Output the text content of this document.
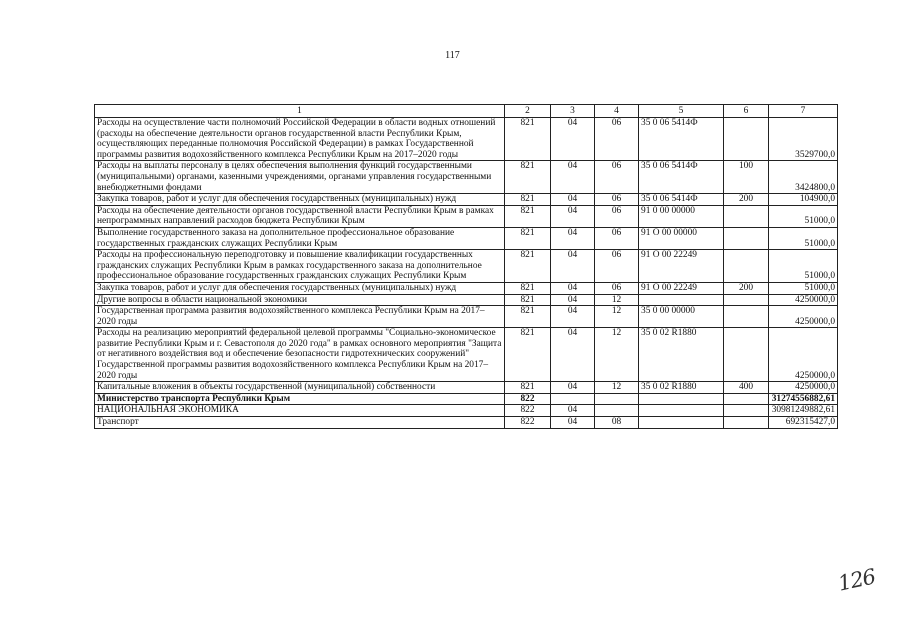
117
1	2	3	4	5	6	7
Расходы на осуществление части полномочий Российской Федерации в области водных отношений (расходы на обеспечение деятельности органов государственной власти Республики Крым, осуществляющих переданные полномочия Российской Федерации) в рамках Государственной программы развития водохозяйственного комплекса Республики Крым на 2017–2020 годы	821	04	06	35 0 06 5414Ф		3529700,0
Расходы на выплаты персоналу в целях обеспечения выполнения функций государственными (муниципальными) органами, казенными учреждениями, органами управления государственными внебюджетными фондами	821	04	06	35 0 06 5414Ф	100	3424800,0
Закупка товаров, работ и услуг для обеспечения государственных (муниципальных) нужд	821	04	06	35 0 06 5414Ф	200	104900,0
Расходы на обеспечение деятельности органов государственной власти Республики Крым в рамках непрограммных направлений расходов бюджета Республики Крым	821	04	06	91 0 00 00000		51000,0
Выполнение государственного заказа на дополнительное профессиональное образование государственных гражданских служащих Республики Крым	821	04	06	91 О 00 00000		51000,0
Расходы на профессиональную переподготовку и повышение квалификации государственных гражданских служащих Республики Крым в рамках государственного заказа на дополнительное профессиональное образование государственных гражданских служащих Республики Крым	821	04	06	91 О 00 22249		51000,0
Закупка товаров, работ и услуг для обеспечения государственных (муниципальных) нужд	821	04	06	91 О 00 22249	200	51000,0
Другие вопросы в области национальной экономики	821	04	12			4250000,0
Государственная программа развития водохозяйственного комплекса Республики Крым на 2017–2020 годы	821	04	12	35 0 00 00000		4250000,0
Расходы на реализацию мероприятий федеральной целевой программы "Социально-экономическое развитие Республики Крым и г. Севастополя до 2020 года" в рамках основного мероприятия "Защита от негативного воздействия вод и обеспечение безопасности гидротехнических сооружений" Государственной программы развития водохозяйственного комплекса Республики Крым на 2017–2020 годы	821	04	12	35 0 02 R1880		4250000,0
Капитальные вложения в объекты государственной (муниципальной) собственности	821	04	12	35 0 02 R1880	400	4250000,0
Министерство транспорта Республики Крым	822					31274556882,61
НАЦИОНАЛЬНАЯ ЭКОНОМИКА	822	04				30981249882,61
Транспорт	822	04	08			692315427,0
126
